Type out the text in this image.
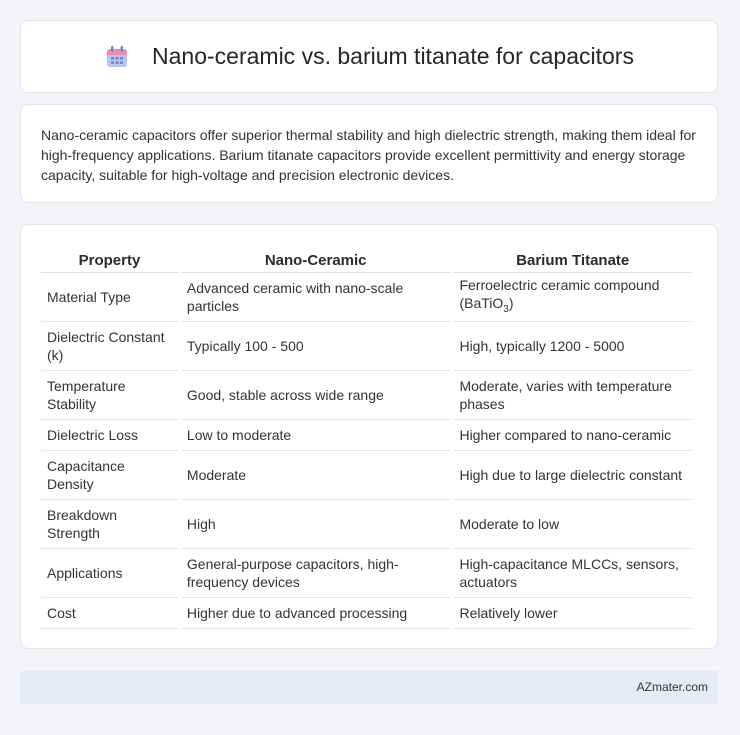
Nano-ceramic vs. barium titanate for capacitors

Nano-ceramic capacitors offer superior thermal stability and high dielectric strength, making them ideal for high-frequency applications. Barium titanate capacitors provide excellent permittivity and energy storage capacity, suitable for high-voltage and precision electronic devices.

Property	Nano-Ceramic	Barium Titanate
Material Type	Advanced ceramic with nano-scale particles	Ferroelectric ceramic compound (BaTiO$_3$)
Dielectric Constant (k)	Typically 100 - 500	High, typically 1200 - 5000
Temperature Stability	Good, stable across wide range	Moderate, varies with temperature phases
Dielectric Loss	Low to moderate	Higher compared to nano-ceramic
Capacitance Density	Moderate	High due to large dielectric constant
Breakdown Strength	High	Moderate to low
Applications	General-purpose capacitors, high-frequency devices	High-capacitance MLCCs, sensors, actuators
Cost	Higher due to advanced processing	Relatively lower
AZmater.com
